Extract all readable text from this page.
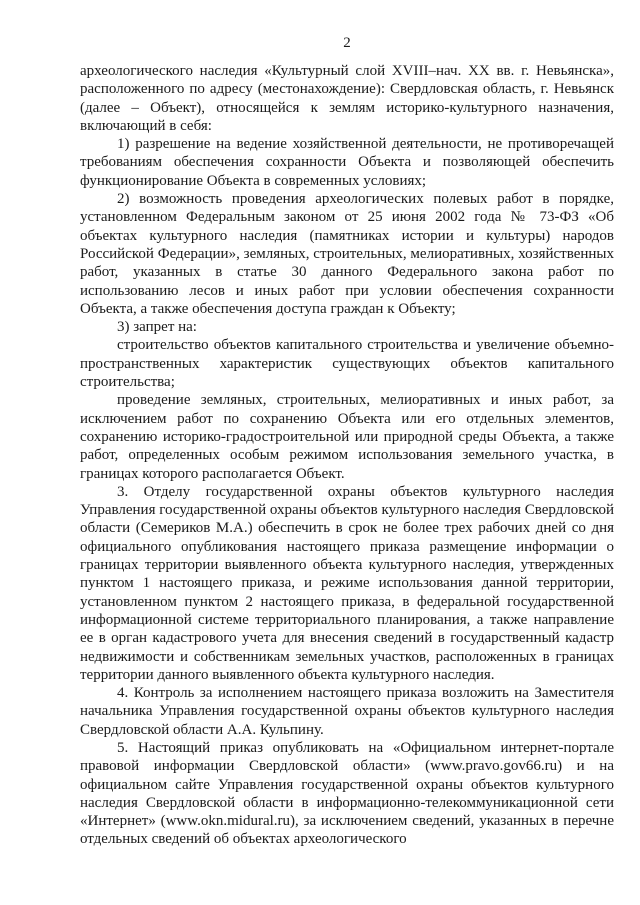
2

археологического наследия «Культурный слой XVIII–нач. XX вв. г. Невьянска», расположенного по адресу (местонахождение): Свердловская область, г. Невьянск (далее – Объект), относящейся к землям историко-культурного назначения, включающий в себя:

1) разрешение на ведение хозяйственной деятельности, не противоречащей требованиям обеспечения сохранности Объекта и позволяющей обеспечить функционирование Объекта в современных условиях;

2) возможность проведения археологических полевых работ в порядке, установленном Федеральным законом от 25 июня 2002 года № 73-ФЗ «Об объектах культурного наследия (памятниках истории и культуры) народов Российской Федерации», земляных, строительных, мелиоративных, хозяйственных работ, указанных в статье 30 данного Федерального закона работ по использованию лесов и иных работ при условии обеспечения сохранности Объекта, а также обеспечения доступа граждан к Объекту;

3) запрет на:

строительство объектов капитального строительства и увеличение объемно-пространственных характеристик существующих объектов капитального строительства;

проведение земляных, строительных, мелиоративных и иных работ, за исключением работ по сохранению Объекта или его отдельных элементов, сохранению историко-градостроительной или природной среды Объекта, а также работ, определенных особым режимом использования земельного участка, в границах которого располагается Объект.

3. Отделу государственной охраны объектов культурного наследия Управления государственной охраны объектов культурного наследия Свердловской области (Семериков М.А.) обеспечить в срок не более трех рабочих дней со дня официального опубликования настоящего приказа размещение информации о границах территории выявленного объекта культурного наследия, утвержденных пунктом 1 настоящего приказа, и режиме использования данной территории, установленном пунктом 2 настоящего приказа, в федеральной государственной информационной системе территориального планирования, а также направление ее в орган кадастрового учета для внесения сведений в государственный кадастр недвижимости и собственникам земельных участков, расположенных в границах территории данного выявленного объекта культурного наследия.

4. Контроль за исполнением настоящего приказа возложить на Заместителя начальника Управления государственной охраны объектов культурного наследия Свердловской области А.А. Кульпину.

5. Настоящий приказ опубликовать на «Официальном интернет-портале правовой информации Свердловской области» (www.pravo.gov66.ru) и на официальном сайте Управления государственной охраны объектов культурного наследия Свердловской области в информационно-телекоммуникационной сети «Интернет» (www.okn.midural.ru), за исключением сведений, указанных в перечне отдельных сведений об объектах археологического
